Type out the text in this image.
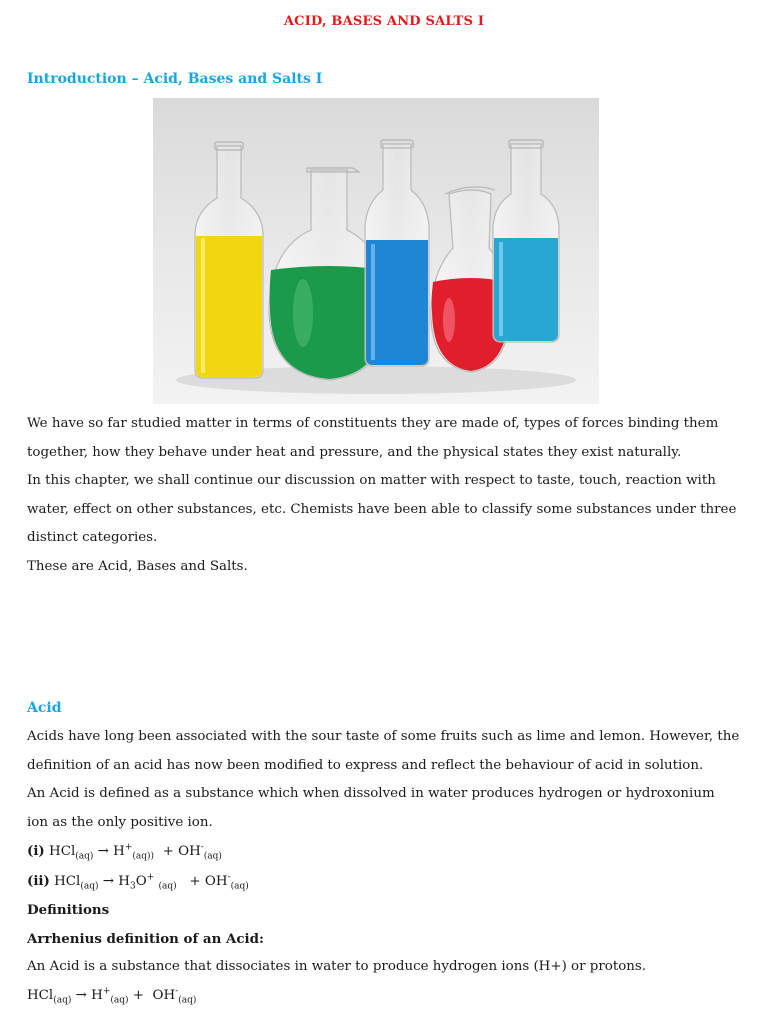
ACID, BASES AND SALTS I
Introduction – Acid, Bases and Salts I
We have so far studied matter in terms of constituents they are made of, types of forces binding them
together, how they behave under heat and pressure, and the physical states they exist naturally.
In this chapter, we shall continue our discussion on matter with respect to taste, touch, reaction with
water, effect on other substances, etc. Chemists have been able to classify some substances under three
distinct categories.
These are Acid, Bases and Salts.
Acid
Acids have long been associated with the sour taste of some fruits such as lime and lemon. However, the
definition of an acid has now been modified to express and reflect the behaviour of acid in solution.
An Acid is defined as a substance which when dissolved in water produces hydrogen or hydroxonium
ion as the only positive ion.
(i) $HCl_{(aq)} \to H^+_{(aq))} + OH^-_{(aq)}$
(ii) $HCl_{(aq)} \to H_3O^+$ $_{(aq)} + OH^-_{(aq)}$
Definitions
Arrhenius definition of an Acid:
An Acid is a substance that dissociates in water to produce hydrogen ions (H+) or protons.
$HCl_{(aq)} \to H^+_{(aq)} + OH^-_{(aq)}$
